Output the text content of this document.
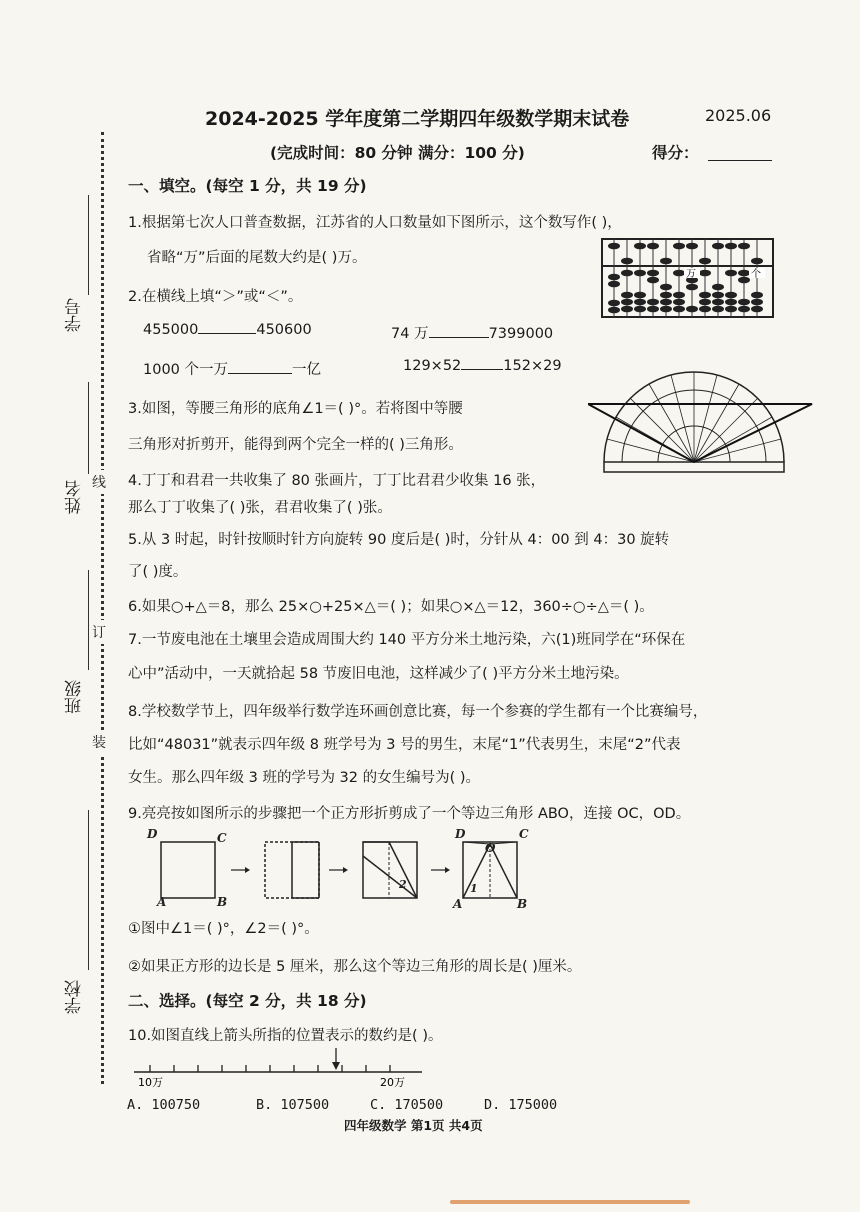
2024-2025 学年度第二学期四年级数学期末试卷	2025.06
(完成时间：80 分钟 满分：100 分)	得分：
学号
姓名
班级
学校
线
订
装
一、填空。(每空 1 分，共 19 分)
1.根据第七次人口普查数据，江苏省的人口数量如下图所示，这个数写作( )，
省略“万”后面的尾数大约是( )万。
2.在横线上填“＞”或“＜”。
455000	450600	74 万	7399000
1000 个一万	一亿	129×52	152×29
3.如图，等腰三角形的底角∠1＝( )°。若将图中等腰
三角形对折剪开，能得到两个完全一样的( )三角形。
4.丁丁和君君一共收集了 80 张画片，丁丁比君君少收集 16 张，
那么丁丁收集了( )张，君君收集了( )张。
5.从 3 时起，时针按顺时针方向旋转 90 度后是( )时，分针从 4：00 到 4：30 旋转
了( )度。
6.如果○+△＝8，那么 25×○+25×△＝( )；如果○×△＝12，360÷○÷△＝( )。
7.一节废电池在土壤里会造成周围大约 140 平方分米土地污染，六(1)班同学在“环保在
心中”活动中，一天就拾起 58 节废旧电池，这样减少了( )平方分米土地污染。
8.学校数学节上，四年级举行数学连环画创意比赛，每一个参赛的学生都有一个比赛编号，
比如“48031”就表示四年级 8 班学号为 3 号的男生，末尾“1”代表男生，末尾“2”代表
女生。那么四年级 3 班的学号为 32 的女生编号为( )。
9.亮亮按如图所示的步骤把一个正方形折剪成了一个等边三角形 ABO，连接 OC，OD。
万	个
D	C
A	B
2
D
O
C
A
1
B
①图中∠1＝( )°，∠2＝( )°。
②如果正方形的边长是 5 厘米，那么这个等边三角形的周长是( )厘米。
二、选择。(每空 2 分，共 18 分)
10.如图直线上箭头所指的位置表示的数约是( )。
10万	20万
A. 100750	B. 107500	C. 170500	D. 175000
四年级数学 第1页 共4页
